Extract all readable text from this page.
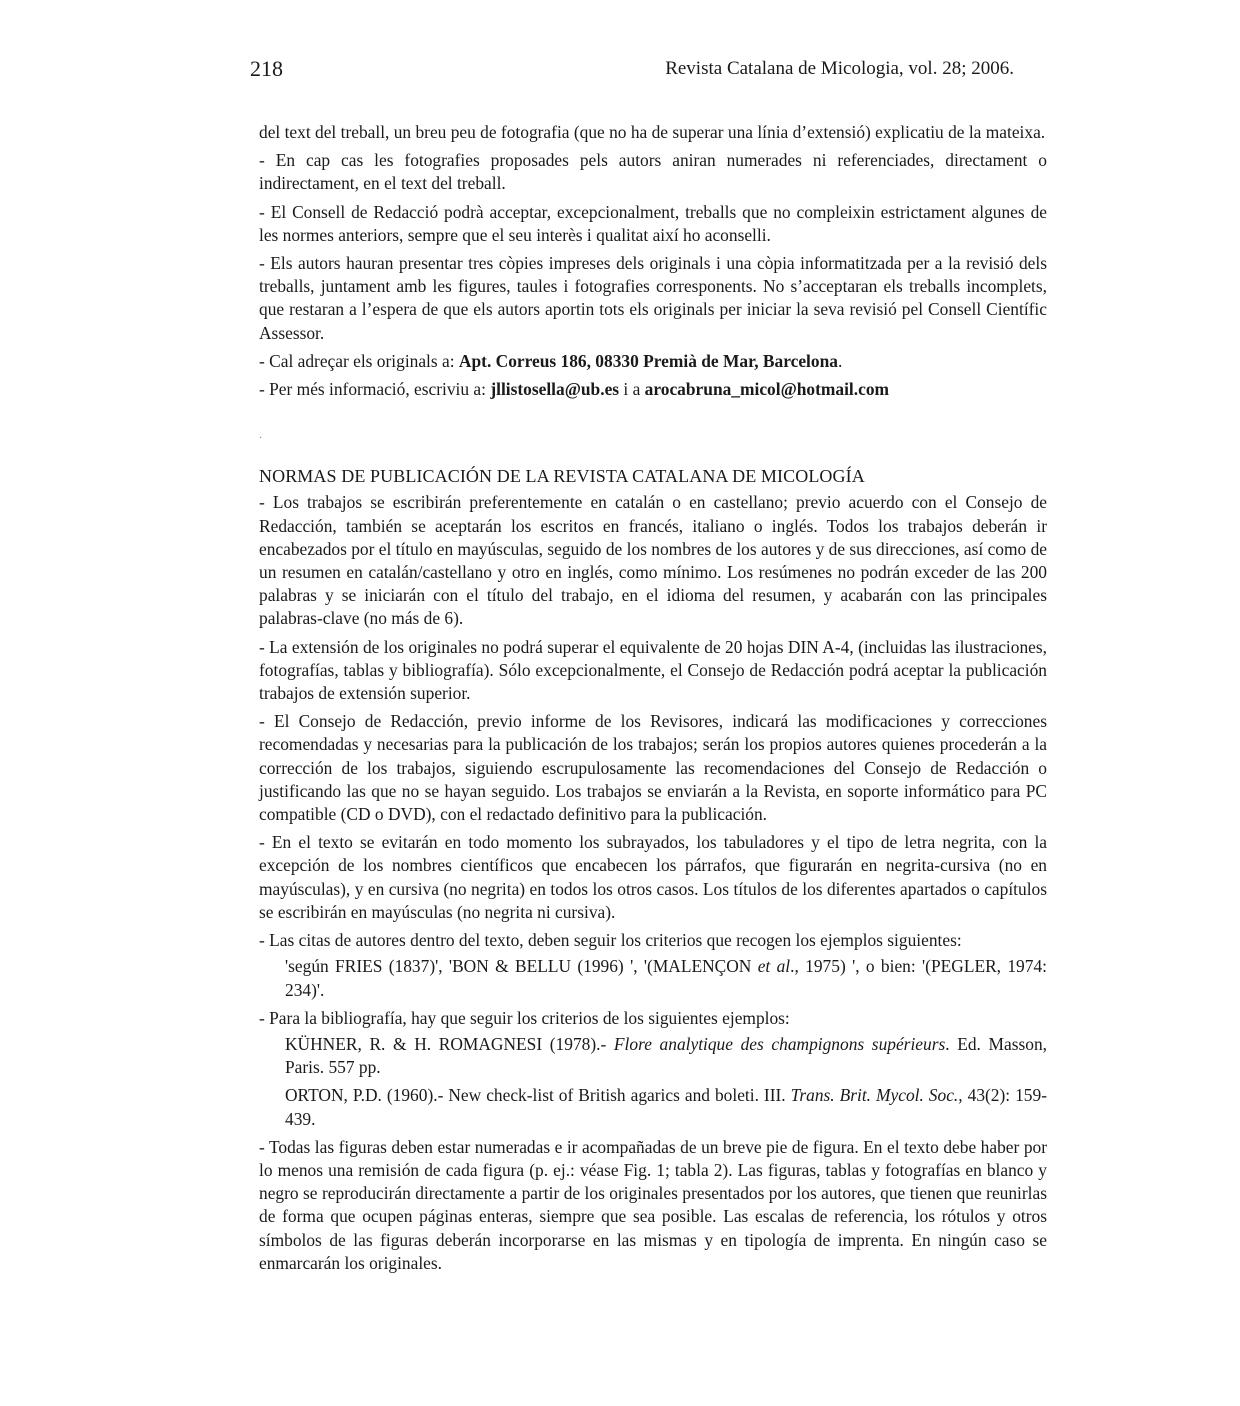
218	Revista Catalana de Micologia, vol. 28; 2006.

del text del treball, un breu peu de fotografia (que no ha de superar una línia d’extensió) explicatiu de la mateixa.

- En cap cas les fotografies proposades pels autors aniran numerades ni referenciades, directament o indirectament, en el text del treball.

- El Consell de Redacció podrà acceptar, excepcionalment, treballs que no compleixin estrictament algunes de les normes anteriors, sempre que el seu interès i qualitat així ho aconselli.

- Els autors hauran presentar tres còpies impreses dels originals i una còpia informatitzada per a la revisió dels treballs, juntament amb les figures, taules i fotografies corresponents. No s’acceptaran els treballs incomplets, que restaran a l’espera de que els autors aportin tots els originals per iniciar la seva revisió pel Consell Científic Assessor.

- Cal adreçar els originals a: Apt. Correus 186, 08330 Premià de Mar, Barcelona.

- Per més informació, escriviu a: jllistosella@ub.es i a arocabruna_micol@hotmail.com

·
NORMAS DE PUBLICACIÓN DE LA REVISTA CATALANA DE MICOLOGÍA

- Los trabajos se escribirán preferentemente en catalán o en castellano; previo acuerdo con el Consejo de Redacción, también se aceptarán los escritos en francés, italiano o inglés. Todos los trabajos deberán ir encabezados por el título en mayúsculas, seguido de los nombres de los autores y de sus direcciones, así como de un resumen en catalán/castellano y otro en inglés, como mínimo. Los resúmenes no podrán exceder de las 200 palabras y se iniciarán con el título del trabajo, en el idioma del resumen, y acabarán con las principales palabras-clave (no más de 6).

- La extensión de los originales no podrá superar el equivalente de 20 hojas DIN A-4, (incluidas las ilustraciones, fotografías, tablas y bibliografía). Sólo excepcionalmente, el Consejo de Redacción podrá aceptar la publicación trabajos de extensión superior.

- El Consejo de Redacción, previo informe de los Revisores, indicará las modificaciones y correcciones recomendadas y necesarias para la publicación de los trabajos; serán los propios autores quienes procederán a la corrección de los trabajos, siguiendo escrupulosamente las recomendaciones del Consejo de Redacción o justificando las que no se hayan seguido. Los trabajos se enviarán a la Revista, en soporte informático para PC compatible (CD o DVD), con el redactado definitivo para la publicación.

- En el texto se evitarán en todo momento los subrayados, los tabuladores y el tipo de letra negrita, con la excepción de los nombres científicos que encabecen los párrafos, que figurarán en negrita-cursiva (no en mayúsculas), y en cursiva (no negrita) en todos los otros casos. Los títulos de los diferentes apartados o capítulos se escribirán en mayúsculas (no negrita ni cursiva).

- Las citas de autores dentro del texto, deben seguir los criterios que recogen los ejemplos siguientes:

'según FRIES (1837)', 'BON & BELLU (1996) ', '(MALENÇON et al., 1975) ', o bien: '(PEGLER, 1974: 234)'.

- Para la bibliografía, hay que seguir los criterios de los siguientes ejemplos:

KÜHNER, R. & H. ROMAGNESI (1978).- Flore analytique des champignons supérieurs. Ed. Masson, Paris. 557 pp.

ORTON, P.D. (1960).- New check-list of British agarics and boleti. III. Trans. Brit. Mycol. Soc., 43(2): 159-439.

- Todas las figuras deben estar numeradas e ir acompañadas de un breve pie de figura. En el texto debe haber por lo menos una remisión de cada figura (p. ej.: véase Fig. 1; tabla 2). Las figuras, tablas y fotografías en blanco y negro se reproducirán directamente a partir de los originales presentados por los autores, que tienen que reunirlas de forma que ocupen páginas enteras, siempre que sea posible. Las escalas de referencia, los rótulos y otros símbolos de las figuras deberán incorporarse en las mismas y en tipología de imprenta. En ningún caso se enmarcarán los originales.
